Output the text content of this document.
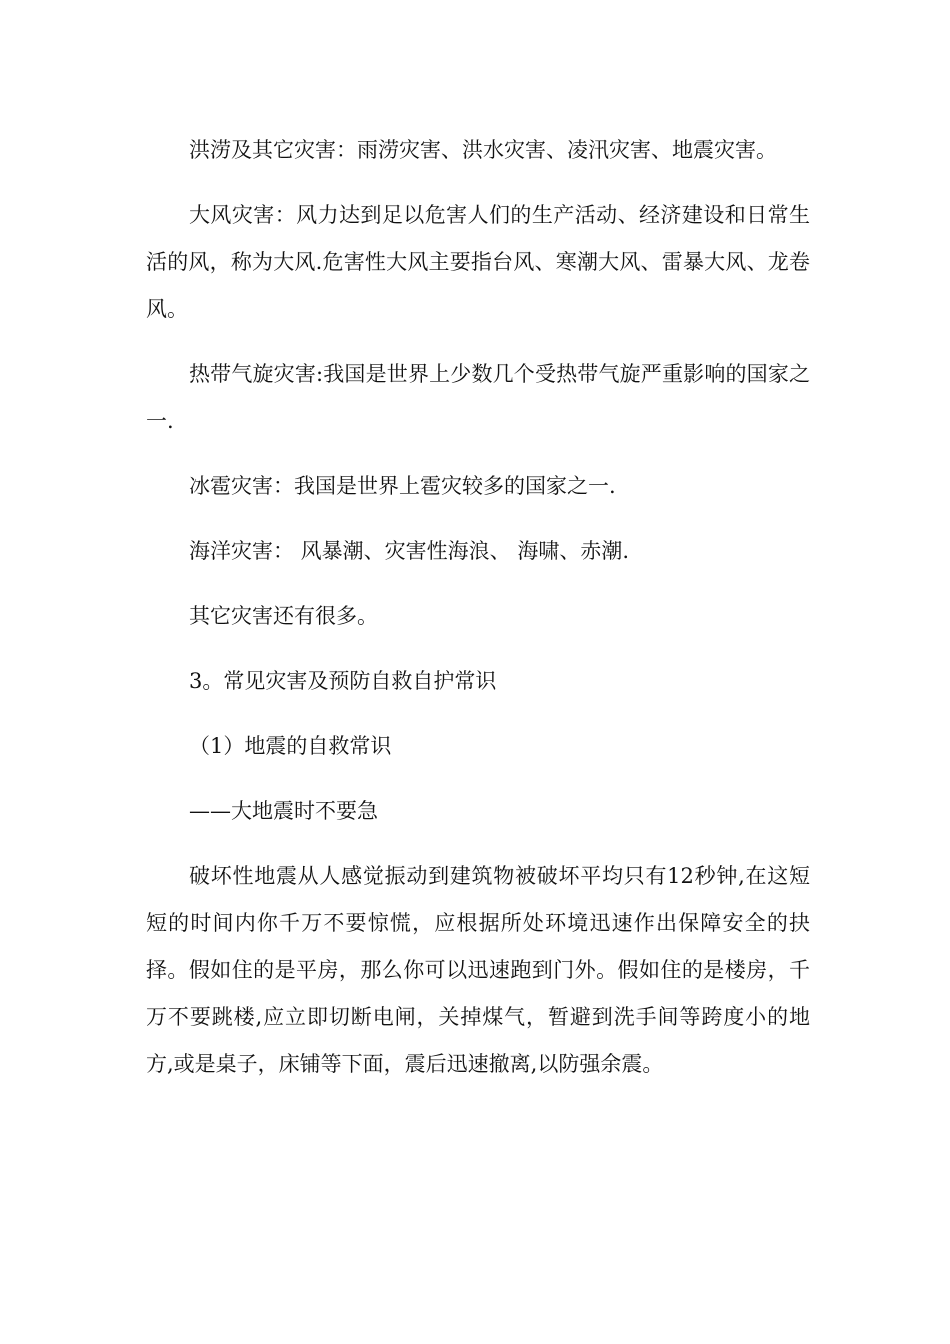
洪涝及其它灾害：雨涝灾害、洪水灾害、凌汛灾害、地震灾害。

大风灾害：风力达到足以危害人们的生产活动、经济建设和日常生活的风，称为大风.危害性大风主要指台风、寒潮大风、雷暴大风、龙卷风。

热带气旋灾害:我国是世界上少数几个受热带气旋严重影响的国家之一.

冰雹灾害：我国是世界上雹灾较多的国家之一.

海洋灾害： 风暴潮、灾害性海浪、 海啸、赤潮.

其它灾害还有很多。

3。常见灾害及预防自救自护常识

（1）地震的自救常识

——大地震时不要急

破坏性地震从人感觉振动到建筑物被破坏平均只有12秒钟,在这短短的时间内你千万不要惊慌，应根据所处环境迅速作出保障安全的抉择。假如住的是平房，那么你可以迅速跑到门外。假如住的是楼房，千万不要跳楼,应立即切断电闸，关掉煤气，暂避到洗手间等跨度小的地方,或是桌子，床铺等下面，震后迅速撤离,以防强余震。
